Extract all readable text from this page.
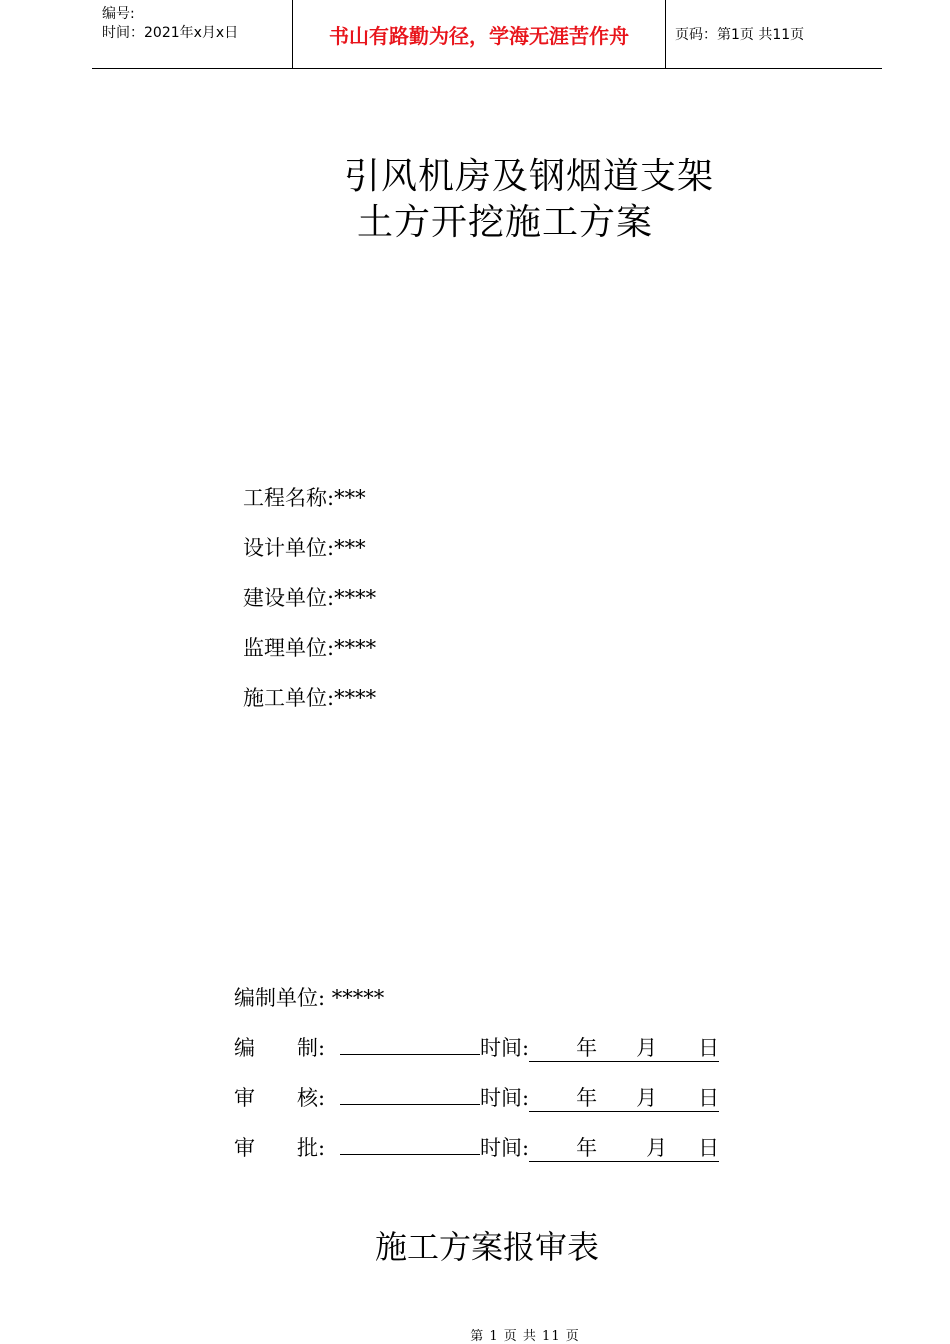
编号:
时间：2021年x月x日	书山有路勤为径，学海无涯苦作舟	页码：第1页 共11页
引风机房及钢烟道支架
土方开挖施工方案
工程名称:***
设计单位:***
建设单位:****
监理单位:****
施工单位:****
编制单位: *****
编　　制:	时间: 年 月 日
审　　核:	时间: 年 月 日
审　　批:	时间: 年 月 日
施工方案报审表
第 1 页 共 11 页
